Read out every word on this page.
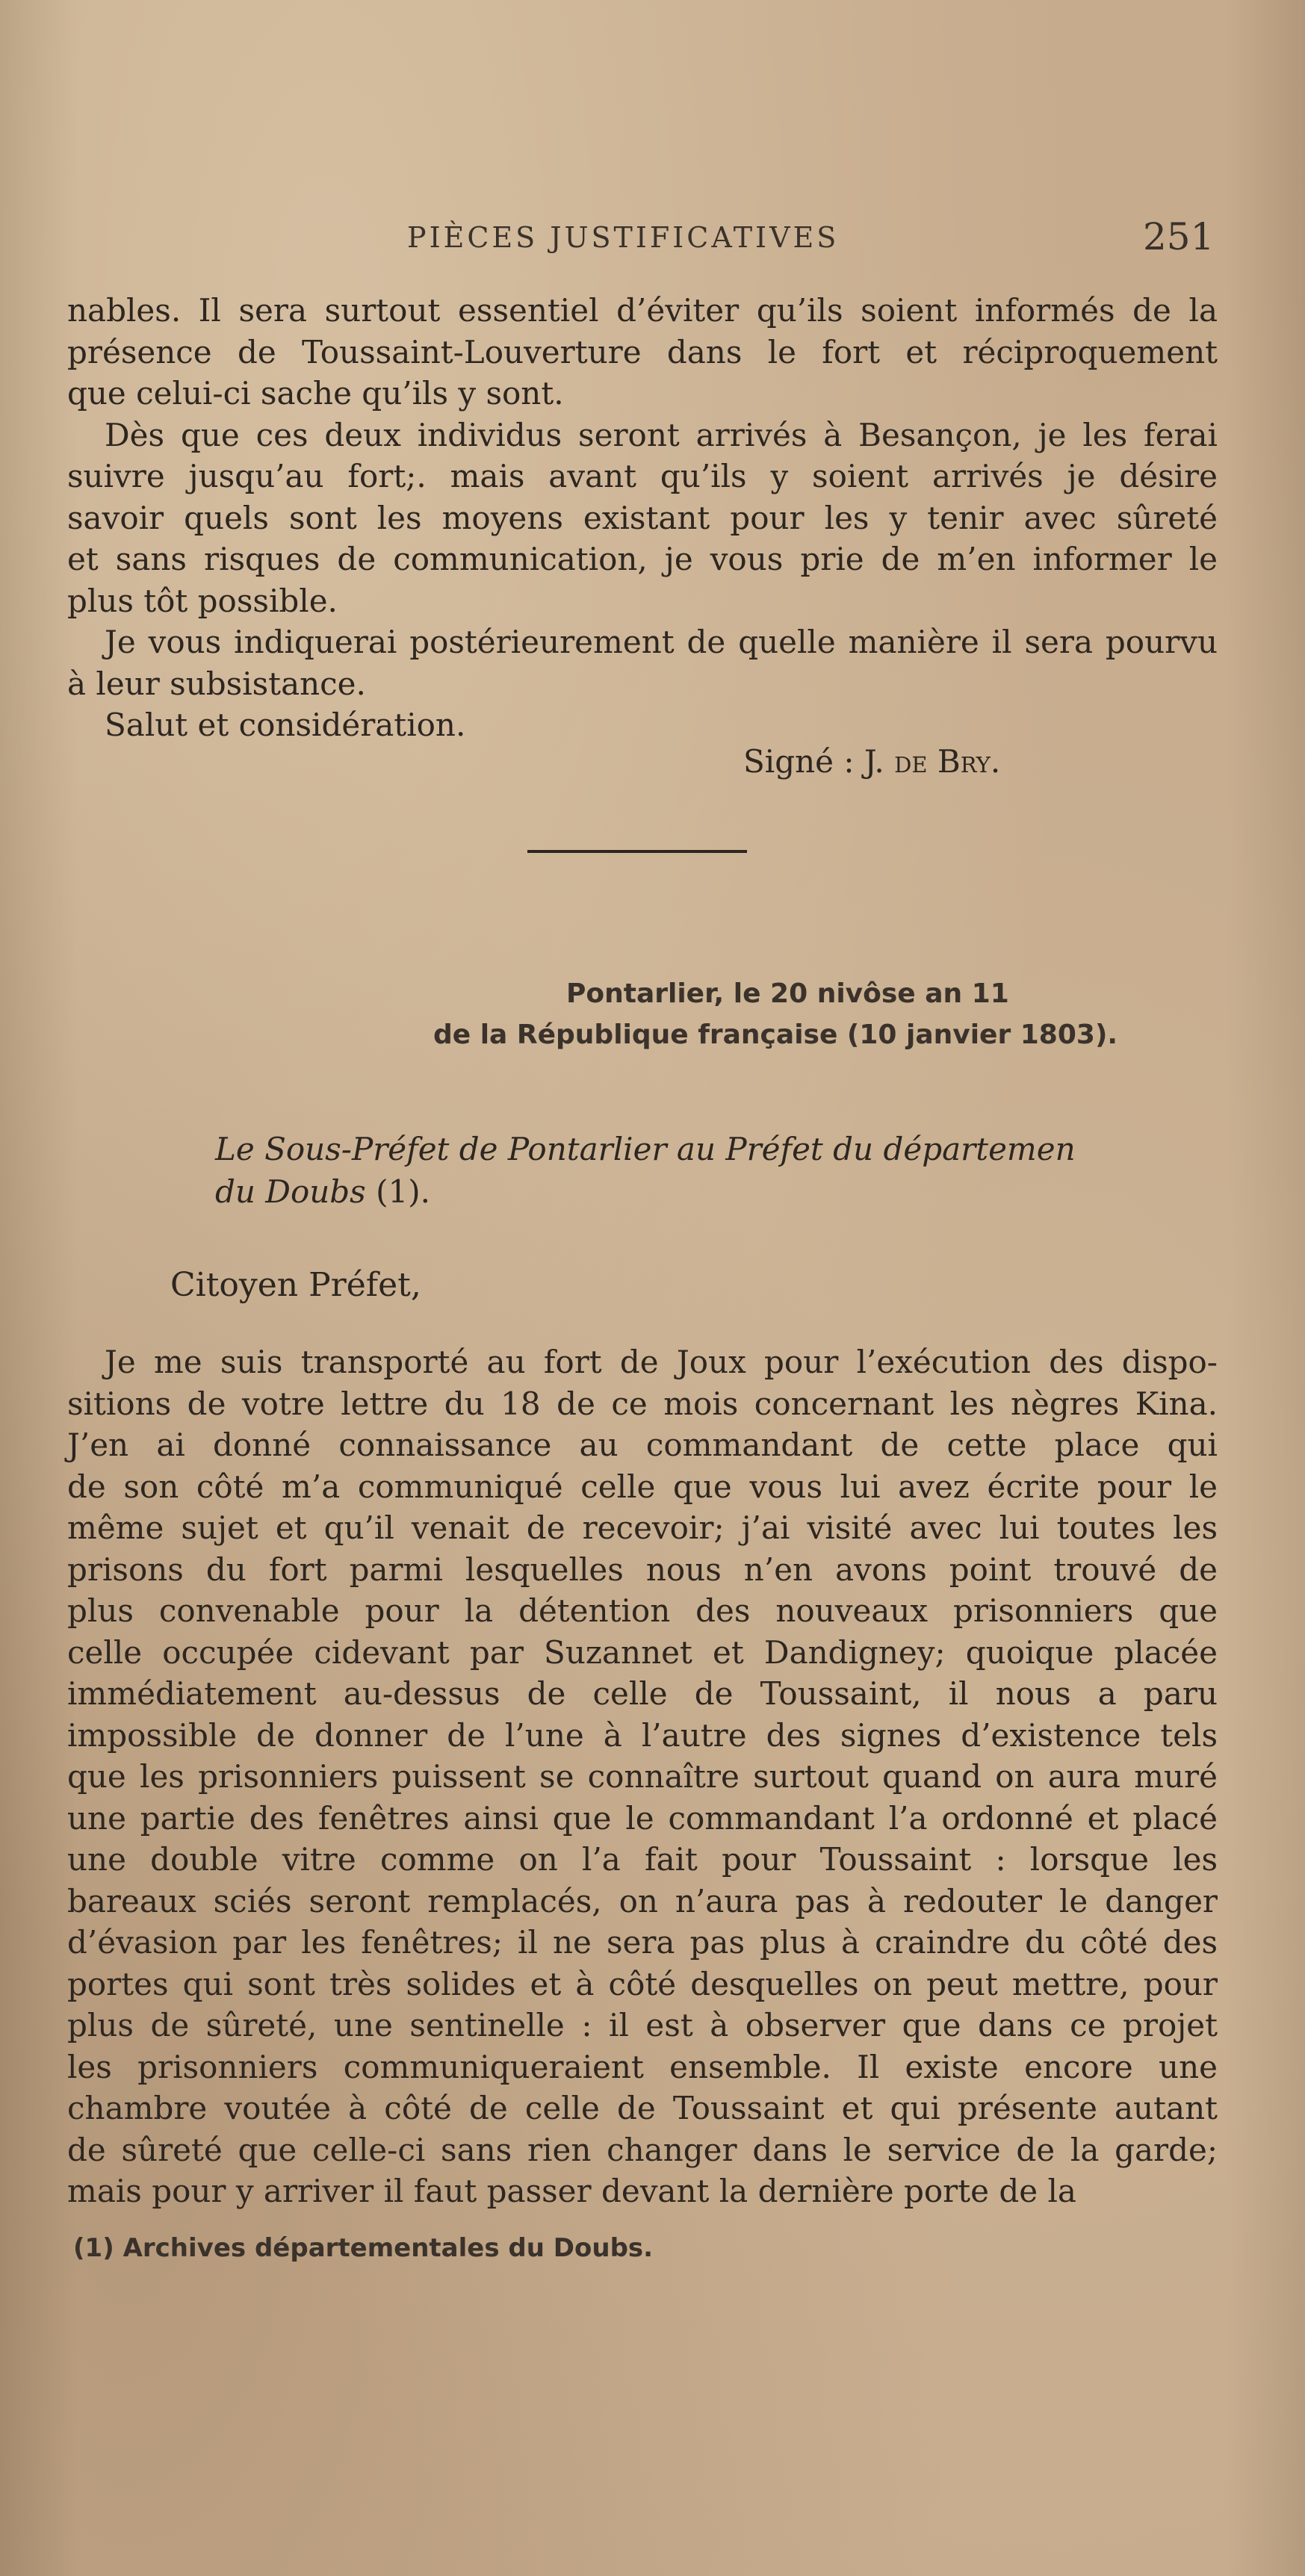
PIÈCES JUSTIFICATIVES	251

nables. Il sera surtout essentiel d’éviter qu’ils soient informés de la

présence de Toussaint-Louverture dans le fort et réciproquement

que celui-ci sache qu’ils y sont.

Dès que ces deux individus seront arrivés à Besançon, je les ferai

suivre jusqu’au fort;. mais avant qu’ils y soient arrivés je désire

savoir quels sont les moyens existant pour les y tenir avec sûreté

et sans risques de communication, je vous prie de m’en informer le

plus tôt possible.

Je vous indiquerai postérieurement de quelle manière il sera pourvu

à leur subsistance.

Salut et considération.

Signé : J. de Bry.
Pontarlier, le 20 nivôse an 11
de la République française (10 janvier 1803).
Le Sous-Préfet de Pontarlier au Préfet du départemen
du Doubs (1).
Citoyen Préfet,

Je me suis transporté au fort de Joux pour l’exécution des dispo-

sitions de votre lettre du 18 de ce mois concernant les nègres Kina.

J’en ai donné connaissance au commandant de cette place qui

de son côté m’a communiqué celle que vous lui avez écrite pour le

même sujet et qu’il venait de recevoir; j’ai visité avec lui toutes les

prisons du fort parmi lesquelles nous n’en avons point trouvé de

plus convenable pour la détention des nouveaux prisonniers que

celle occupée cidevant par Suzannet et Dandigney; quoique placée

immédiatement au-dessus de celle de Toussaint, il nous a paru

impossible de donner de l’une à l’autre des signes d’existence tels

que les prisonniers puissent se connaître surtout quand on aura muré

une partie des fenêtres ainsi que le commandant l’a ordonné et placé

une double vitre comme on l’a fait pour Toussaint : lorsque les

bareaux sciés seront remplacés, on n’aura pas à redouter le danger

d’évasion par les fenêtres; il ne sera pas plus à craindre du côté des

portes qui sont très solides et à côté desquelles on peut mettre, pour

plus de sûreté, une sentinelle : il est à observer que dans ce projet

les prisonniers communiqueraient ensemble. Il existe encore une

chambre voutée à côté de celle de Toussaint et qui présente autant

de sûreté que celle-ci sans rien changer dans le service de la garde;

mais pour y arriver il faut passer devant la dernière porte de la

(1) Archives départementales du Doubs.
